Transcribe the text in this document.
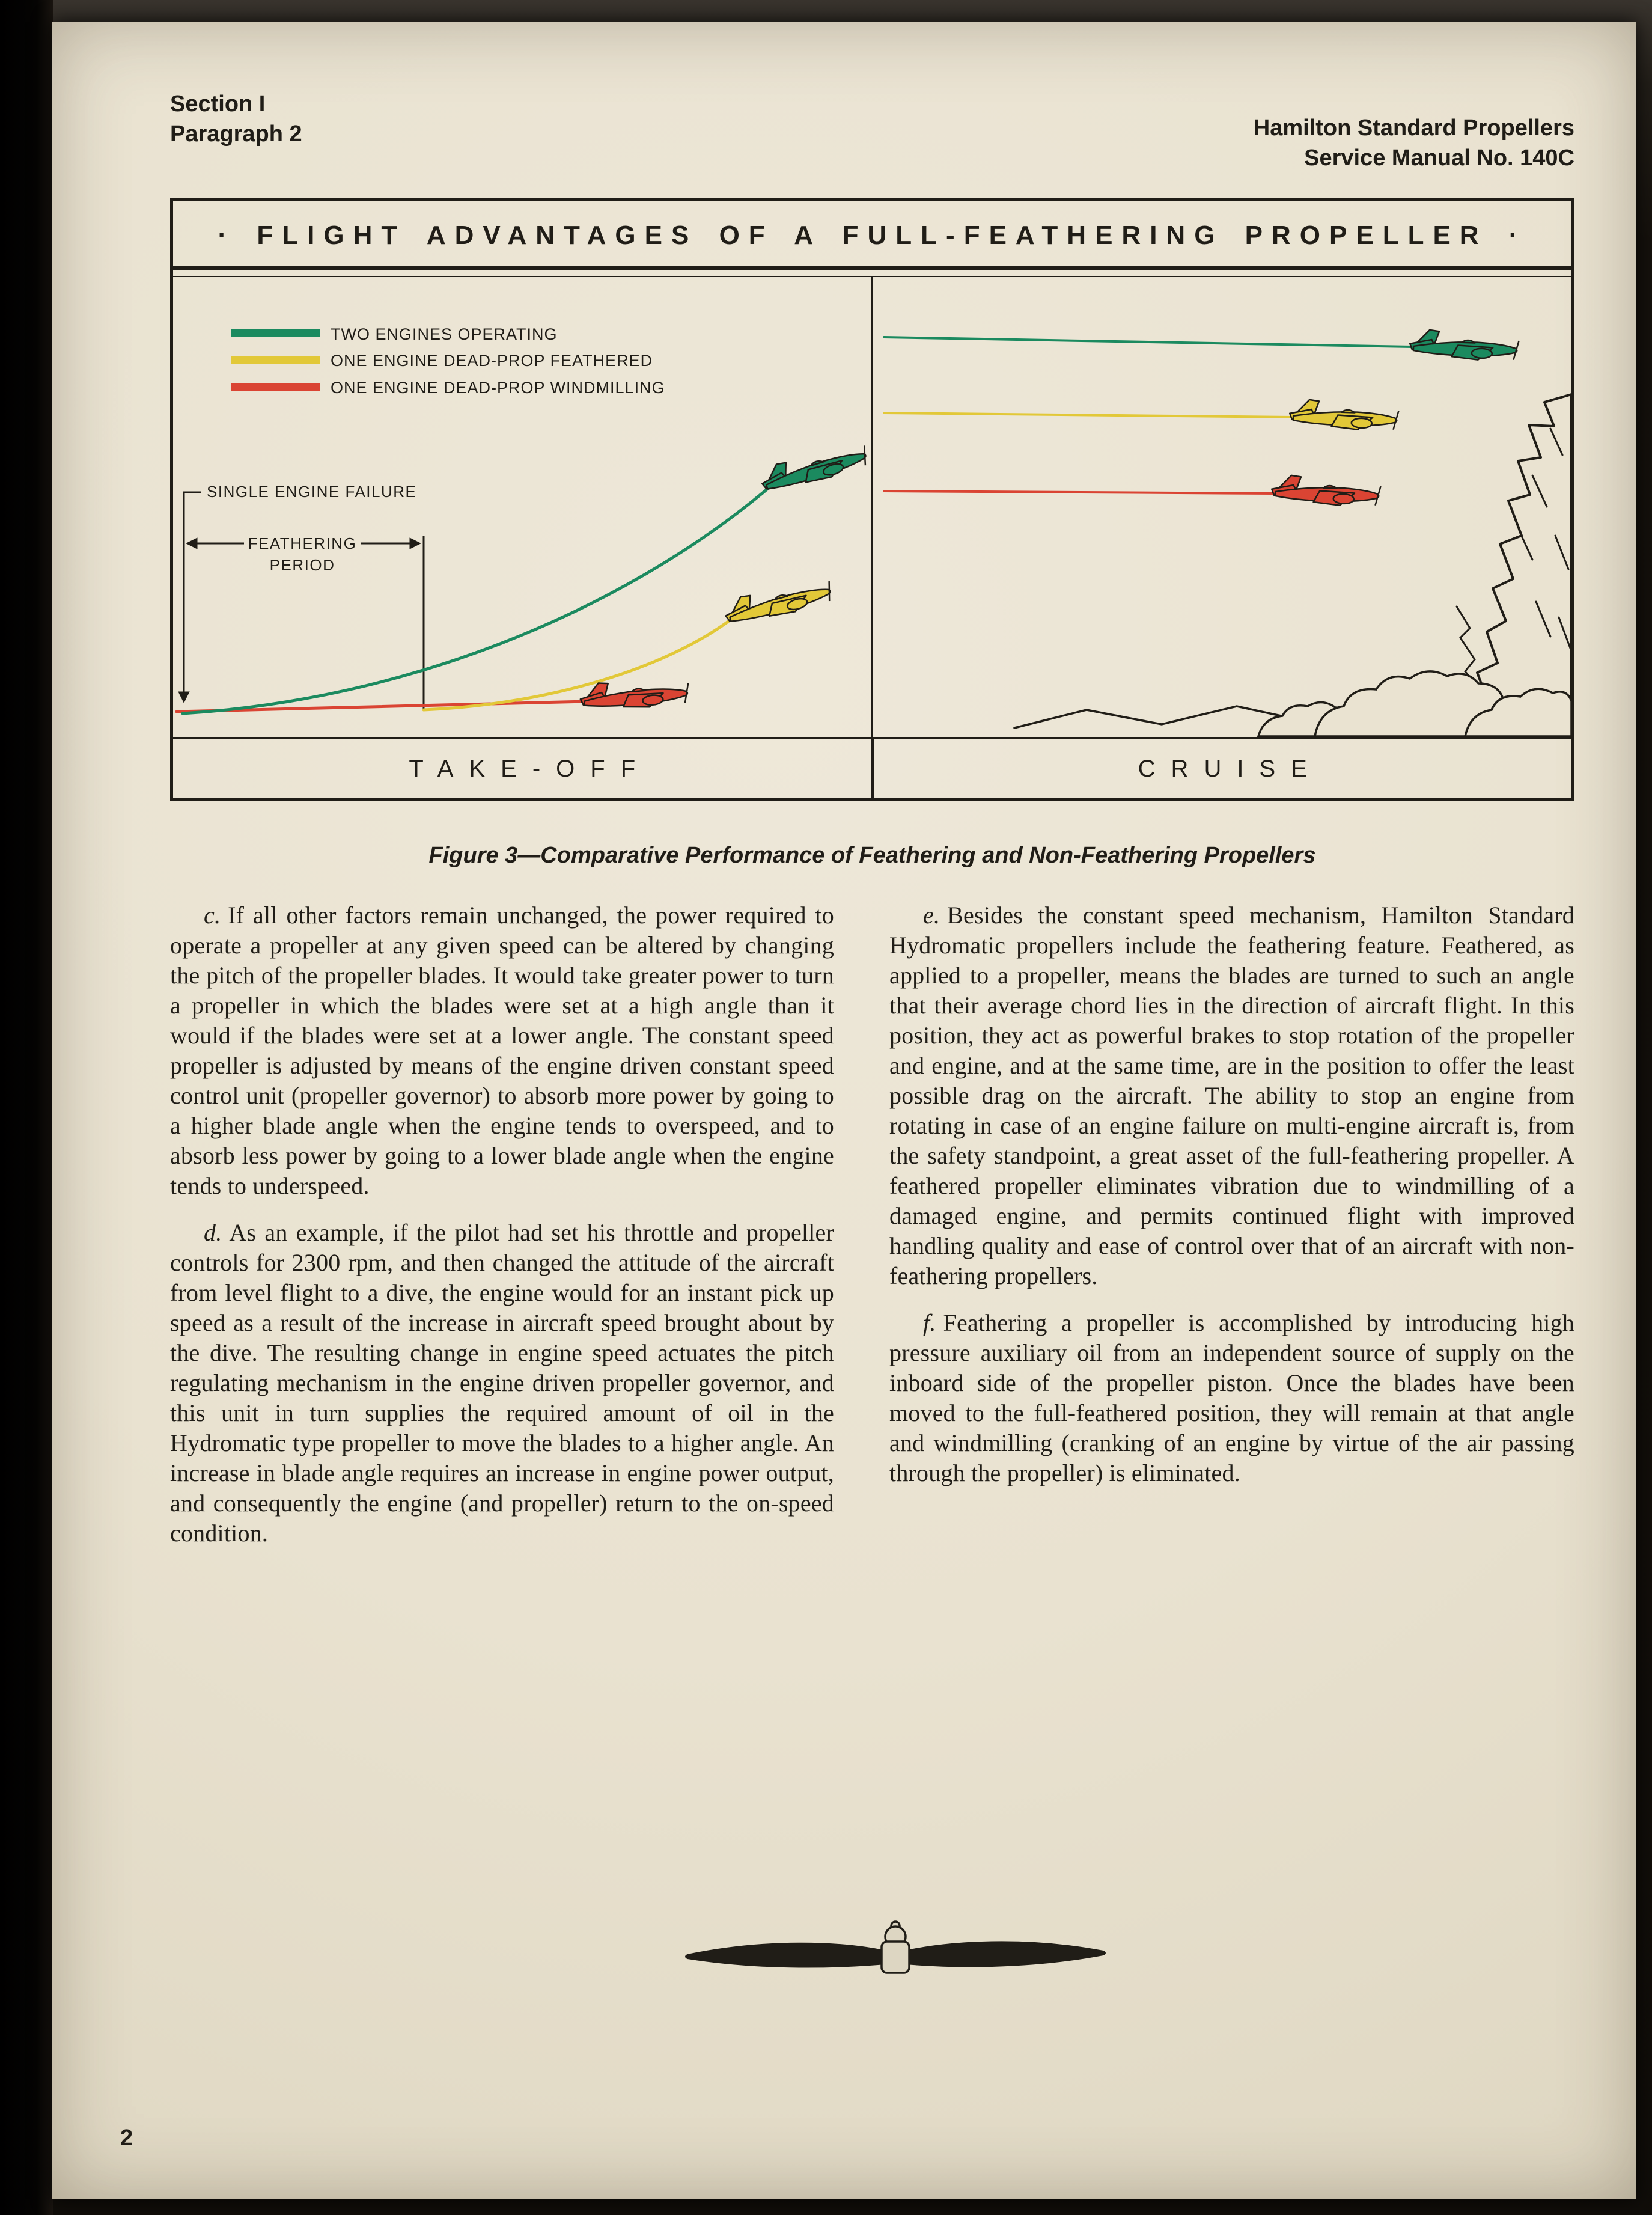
Section I
Paragraph 2	Hamilton Standard Propellers
Service Manual No. 140C
· FLIGHT ADVANTAGES OF A FULL-FEATHERING PROPELLER ·
TWO ENGINES OPERATING
ONE ENGINE DEAD-PROP FEATHERED
ONE ENGINE DEAD-PROP WINDMILLING
SINGLE ENGINE FAILURE
FEATHERING
PERIOD
TAKE-OFF	CRUISE
Figure 3—Comparative Performance of Feathering and Non-Feathering Propellers

c. If all other factors remain unchanged, the power required to operate a propeller at any given speed can be altered by changing the pitch of the propeller blades. It would take greater power to turn a propeller in which the blades were set at a high angle than it would if the blades were set at a lower angle. The constant speed propeller is adjusted by means of the engine driven constant speed control unit (propeller governor) to absorb more power by going to a higher blade angle when the engine tends to overspeed, and to absorb less power by going to a lower blade angle when the engine tends to underspeed.

d. As an example, if the pilot had set his throttle and propeller controls for 2300 rpm, and then changed the attitude of the aircraft from level flight to a dive, the engine would for an instant pick up speed as a result of the increase in aircraft speed brought about by the dive. The resulting change in engine speed actuates the pitch regulating mechanism in the engine driven propeller governor, and this unit in turn supplies the required amount of oil in the Hydromatic type propeller to move the blades to a higher angle. An increase in blade angle requires an increase in engine power output, and consequently the engine (and propeller) return to the on-speed condition.

e. Besides the constant speed mechanism, Hamilton Standard Hydromatic propellers include the feathering feature. Feathered, as applied to a propeller, means the blades are turned to such an angle that their average chord lies in the direction of aircraft flight. In this position, they act as powerful brakes to stop rotation of the propeller and engine, and at the same time, are in the position to offer the least possible drag on the aircraft. The ability to stop an engine from rotating in case of an engine failure on multi-engine aircraft is, from the safety standpoint, a great asset of the full-feathering propeller. A feathered propeller eliminates vibration due to windmilling of a damaged engine, and permits continued flight with improved handling quality and ease of control over that of an aircraft with non-feathering propellers.

f. Feathering a propeller is accomplished by introducing high pressure auxiliary oil from an independent source of supply on the inboard side of the propeller piston. Once the blades have been moved to the full-feathered position, they will remain at that angle and windmilling (cranking of an engine by virtue of the air passing through the propeller) is eliminated.

2
